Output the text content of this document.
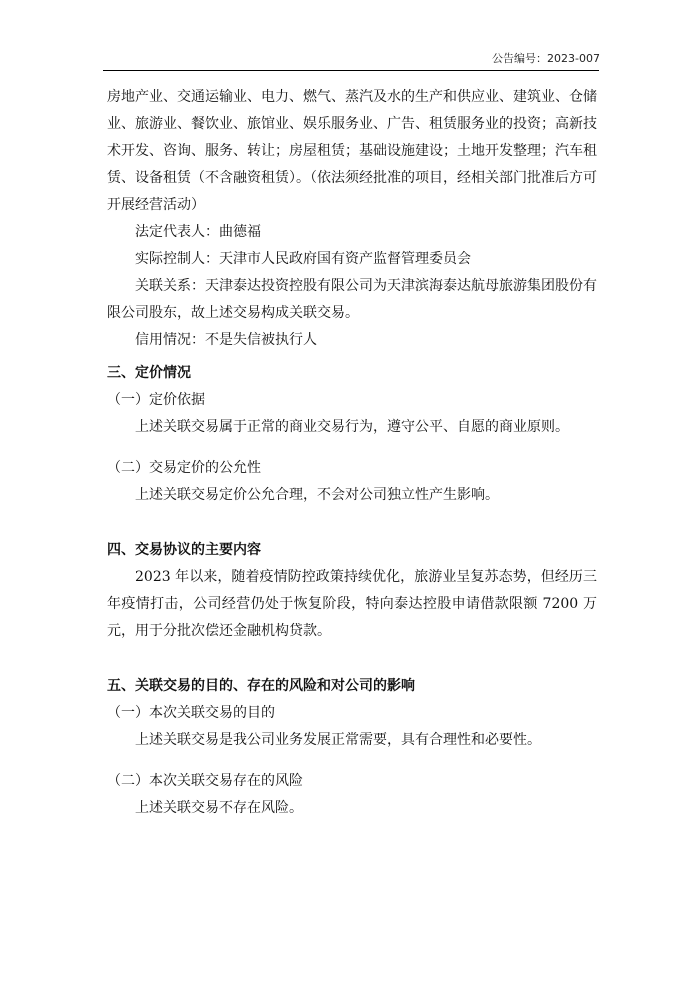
公告编号：2023-007

房地产业、交通运输业、电力、燃气、蒸汽及水的生产和供应业、建筑业、仓储业、旅游业、餐饮业、旅馆业、娱乐服务业、广告、租赁服务业的投资；高新技术开发、咨询、服务、转让；房屋租赁；基础设施建设；土地开发整理；汽车租赁、设备租赁（不含融资租赁）。（依法须经批准的项目，经相关部门批准后方可开展经营活动）

法定代表人：曲德福

实际控制人：天津市人民政府国有资产监督管理委员会

关联关系：天津泰达投资控股有限公司为天津滨海泰达航母旅游集团股份有限公司股东，故上述交易构成关联交易。

信用情况：不是失信被执行人

三、定价情况

（一）定价依据

上述关联交易属于正常的商业交易行为，遵守公平、自愿的商业原则。

（二）交易定价的公允性

上述关联交易定价公允合理，不会对公司独立性产生影响。

四、交易协议的主要内容

2023 年以来，随着疫情防控政策持续优化，旅游业呈复苏态势，但经历三年疫情打击，公司经营仍处于恢复阶段，特向泰达控股申请借款限额 7200 万元，用于分批次偿还金融机构贷款。

五、关联交易的目的、存在的风险和对公司的影响

（一）本次关联交易的目的

上述关联交易是我公司业务发展正常需要，具有合理性和必要性。

（二）本次关联交易存在的风险

上述关联交易不存在风险。
